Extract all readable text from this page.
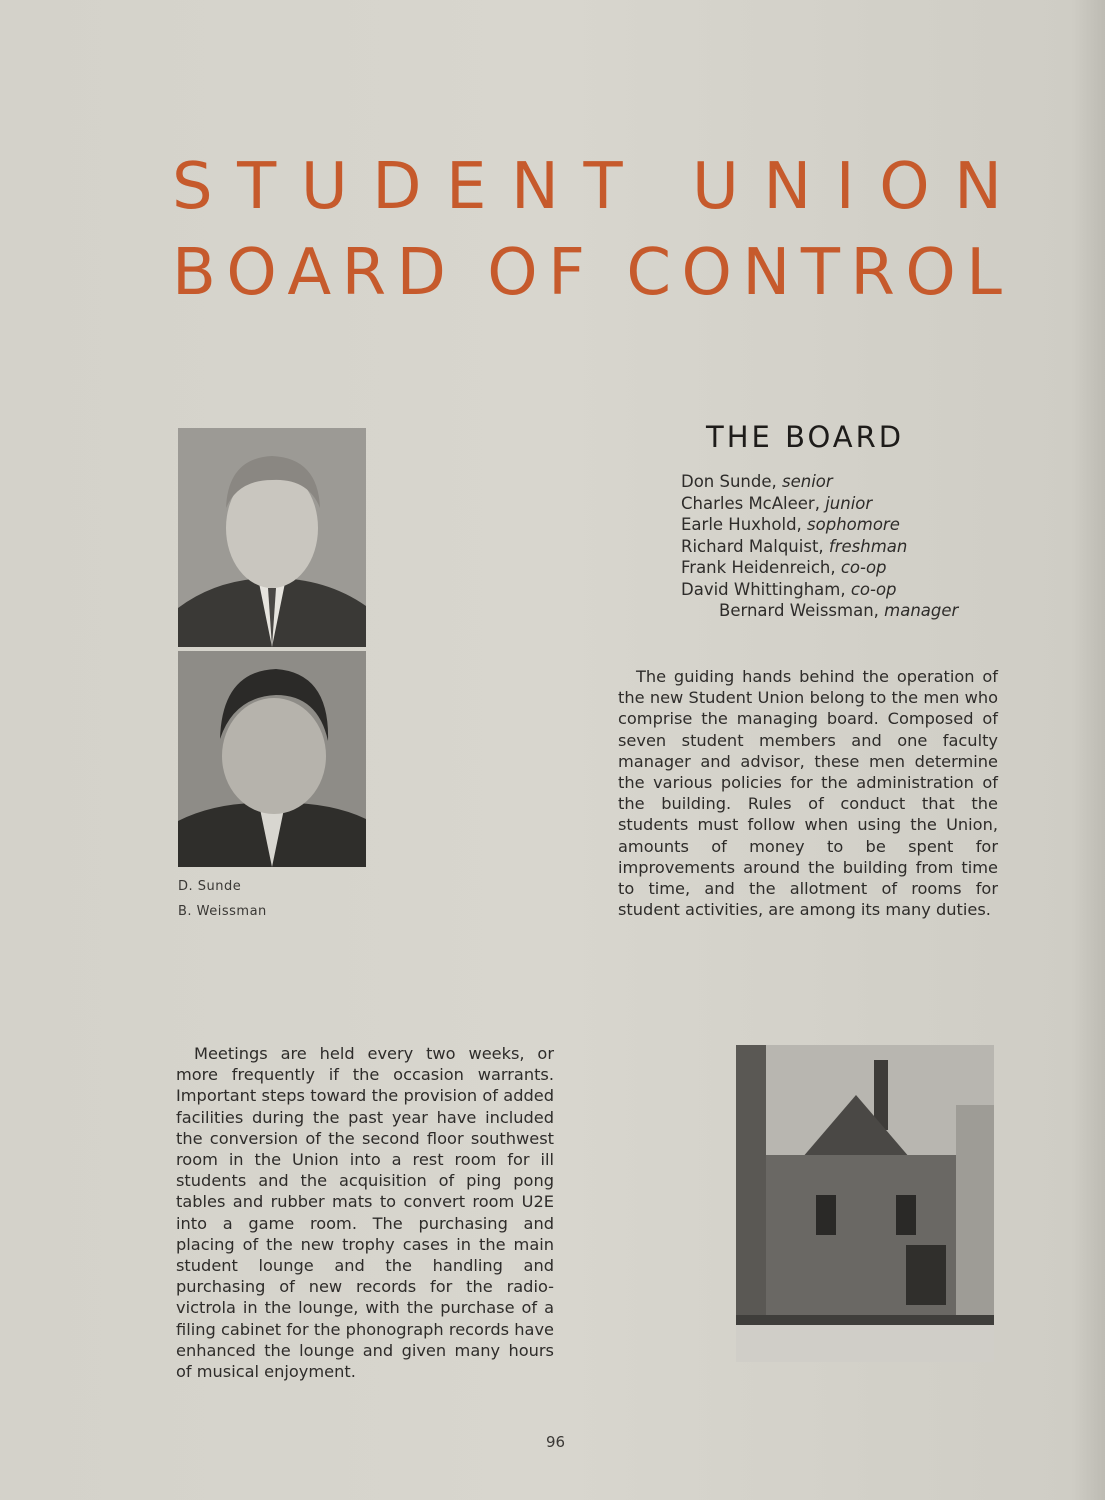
S T U D E N T
U N I O N
B O A R D
O F
C O N T R O L
D. Sunde
B. Weissman
THE BOARD
Don Sunde, senior
Charles McAleer, junior
Earle Huxhold, sophomore
Richard Malquist, freshman
Frank Heidenreich, co-op
David Whittingham, co-op
Bernard Weissman, manager
The guiding hands behind the operation of the new Student Union belong to the men who comprise the managing board. Composed of seven student members and one faculty manager and advisor, these men determine the various policies for the administration of the building. Rules of conduct that the students must follow when using the Union, amounts of money to be spent for improvements around the building from time to time, and the allotment of rooms for student activities, are among its many duties.
Meetings are held every two weeks, or more frequently if the occasion warrants. Important steps toward the provision of added facilities during the past year have included the conversion of the second floor southwest room in the Union into a rest room for ill students and the acquisition of ping pong tables and rubber mats to convert room U2E into a game room. The purchasing and placing of the new trophy cases in the main student lounge and the handling and purchasing of new records for the radio-victrola in the lounge, with the purchase of a filing cabinet for the phonograph records have enhanced the lounge and given many hours of musical enjoyment.
96
